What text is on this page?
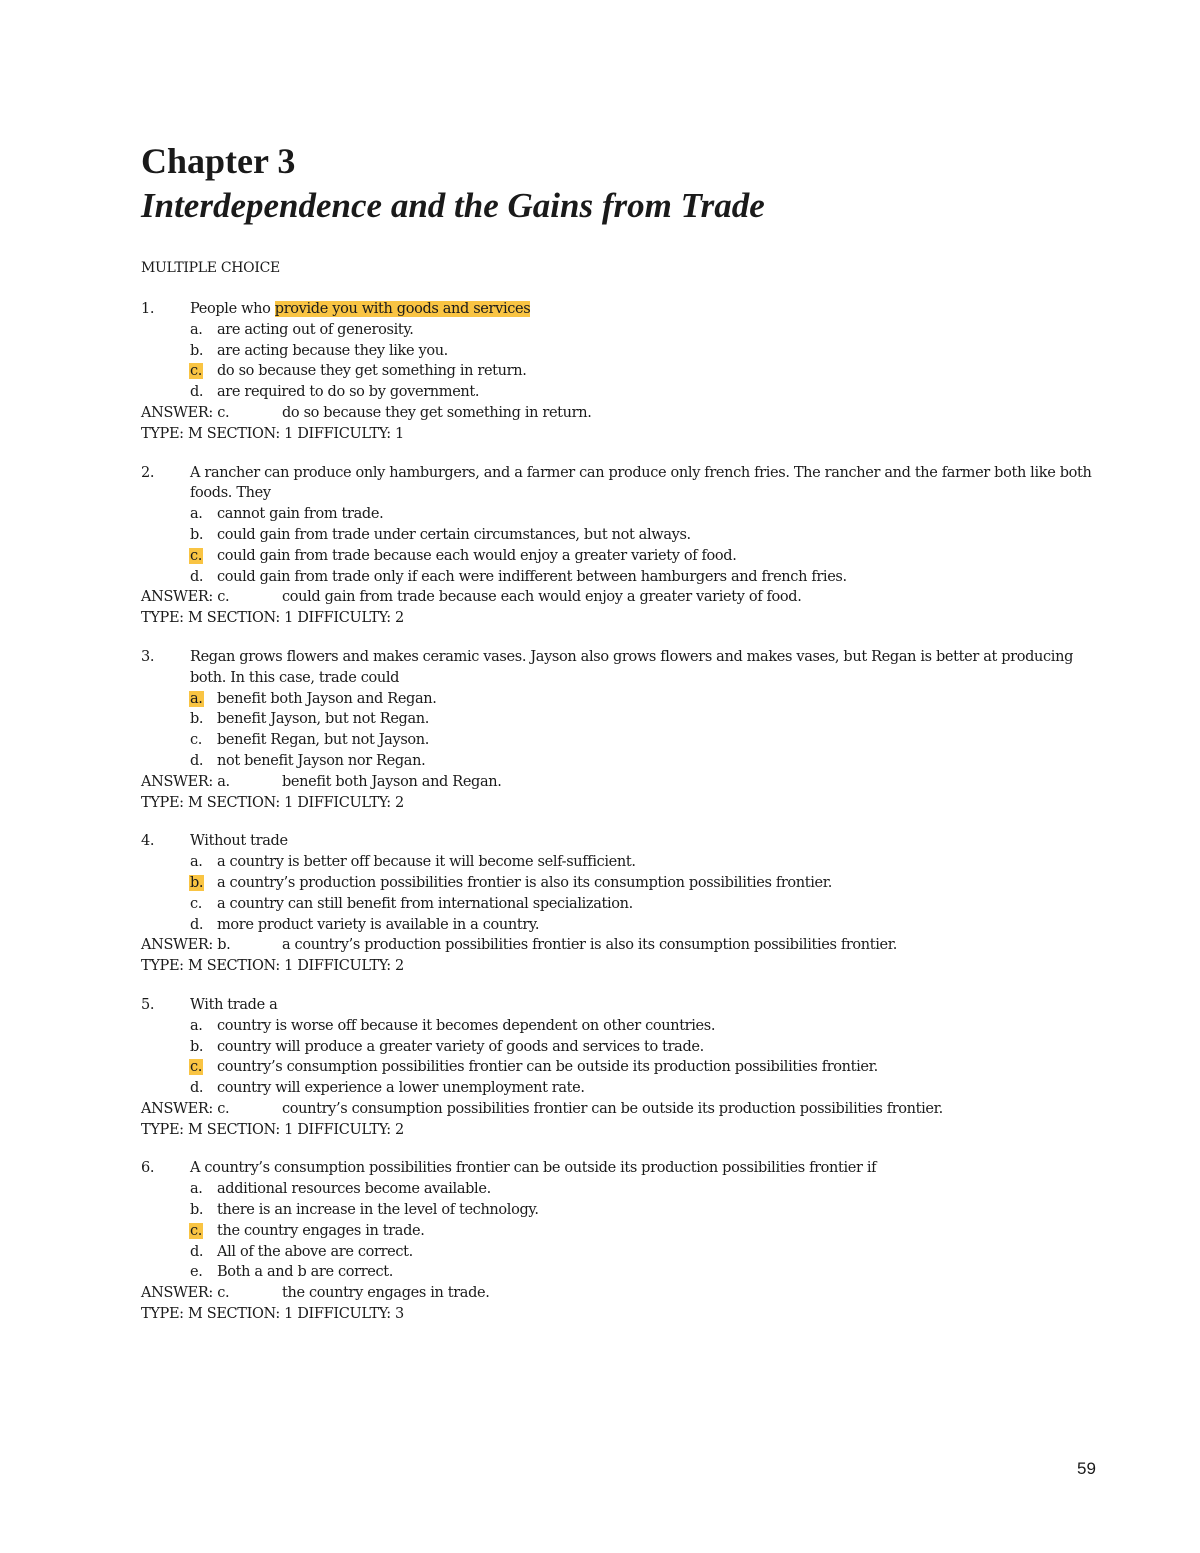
Chapter 3
Interdependence and the Gains from Trade
MULTIPLE CHOICE
1.	People who provide you with goods and services
a. are acting out of generosity.
b. are acting because they like you.
c.	do so because they get something in return.
d. are required to do so by government.
ANSWER: c.	do so because they get something in return.
TYPE: M SECTION: 1 DIFFICULTY: 1
2.	A rancher can produce only hamburgers, and a farmer can produce only french fries. The rancher and the farmer both like both foods. They
a. cannot gain from trade.
b. could gain from trade under certain circumstances, but not always.
c.	could gain from trade because each would enjoy a greater variety of food.
d. could gain from trade only if each were indifferent between hamburgers and french fries.
ANSWER: c.	could gain from trade because each would enjoy a greater variety of food.
TYPE: M SECTION: 1 DIFFICULTY: 2
3.	Regan grows flowers and makes ceramic vases. Jayson also grows flowers and makes vases, but Regan is better at producing both. In this case, trade could
a. benefit both Jayson and Regan.
b. benefit Jayson, but not Regan.
c.	benefit Regan, but not Jayson.
d. not benefit Jayson nor Regan.
ANSWER: a.	benefit both Jayson and Regan.
TYPE: M SECTION: 1 DIFFICULTY: 2
4.	Without trade
a. a country is better off because it will become self-sufficient.
b. a country’s production possibilities frontier is also its consumption possibilities frontier.
c.	a country can still benefit from international specialization.
d. more product variety is available in a country.
ANSWER: b.	a country’s production possibilities frontier is also its consumption possibilities frontier.
TYPE: M SECTION: 1 DIFFICULTY: 2
5.	With trade a
a. country is worse off because it becomes dependent on other countries.
b. country will produce a greater variety of goods and services to trade.
c.	country’s consumption possibilities frontier can be outside its production possibilities frontier.
d. country will experience a lower unemployment rate.
ANSWER: c.	country’s consumption possibilities frontier can be outside its production possibilities frontier.
TYPE: M SECTION: 1 DIFFICULTY: 2
6.	A country’s consumption possibilities frontier can be outside its production possibilities frontier if
a. additional resources become available.
b. there is an increase in the level of technology.
c.	the country engages in trade.
d. All of the above are correct.
e.	Both a and b are correct.
ANSWER: c.	the country engages in trade.
TYPE: M SECTION: 1 DIFFICULTY: 3
59
